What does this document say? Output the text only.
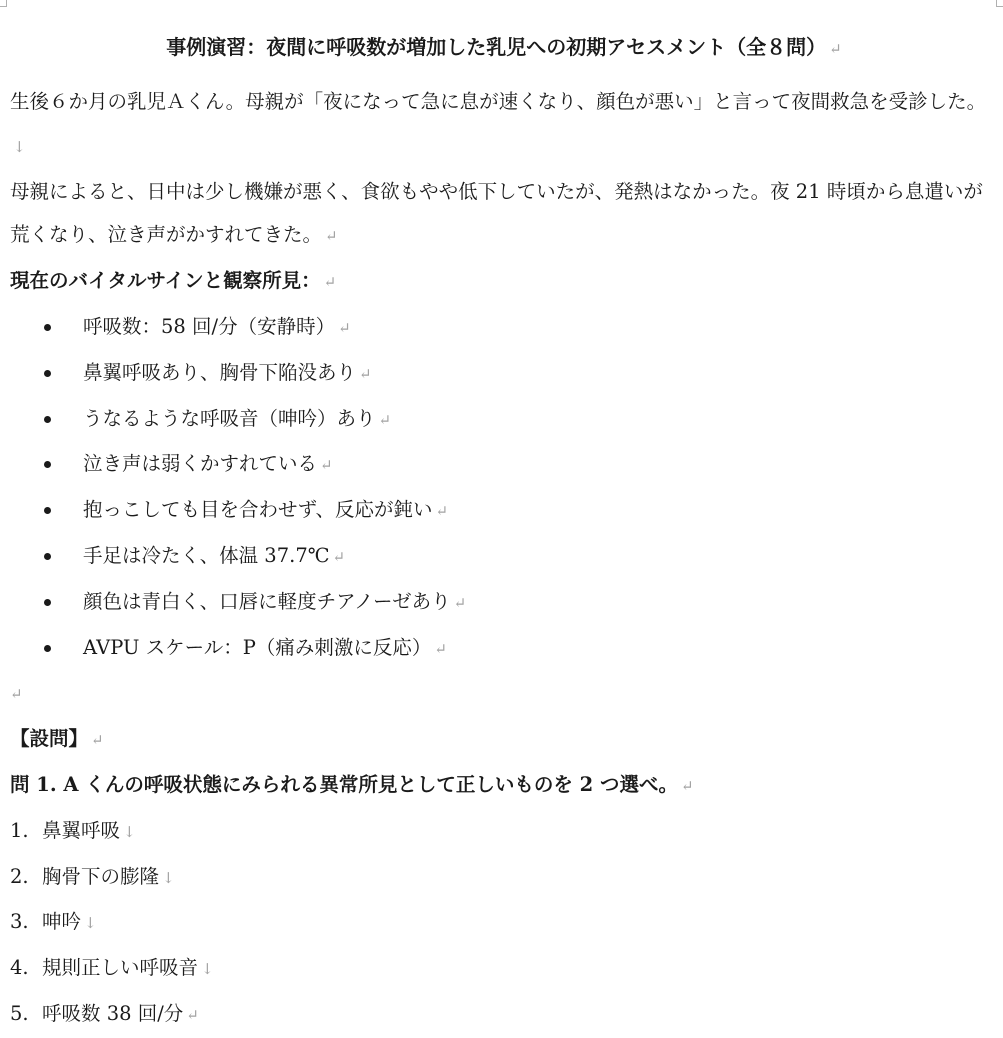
事例演習：夜間に呼吸数が増加した乳児への初期アセスメント（全８問） ↵

生後６か月の乳児Ａくん。母親が「夜になって急に息が速くなり、顔色が悪い」と言って夜間救急を受診した。↓

母親によると、日中は少し機嫌が悪く、食欲もやや低下していたが、発熱はなかった。夜 21 時頃から息遣いが荒くなり、泣き声がかすれてきた。 ↵

現在のバイタルサインと観察所見： ↵

呼吸数：58 回/分（安静時） ↵
鼻翼呼吸あり、胸骨下陥没あり ↵
うなるような呼吸音（呻吟）あり ↵
泣き声は弱くかすれている ↵
抱っこしても目を合わせず、反応が鈍い ↵
手足は冷たく、体温 37.7℃ ↵
顔色は青白く、口唇に軽度チアノーゼあり ↵
AVPU スケール：P（痛み刺激に反応） ↵

↵

【設問】 ↵

問 1. A くんの呼吸状態にみられる異常所見として正しいものを 2 つ選べ。 ↵

1. 鼻翼呼吸 ↓

2. 胸骨下の膨隆 ↓

3. 呻吟 ↓

4. 規則正しい呼吸音 ↓

5. 呼吸数 38 回/分 ↵
